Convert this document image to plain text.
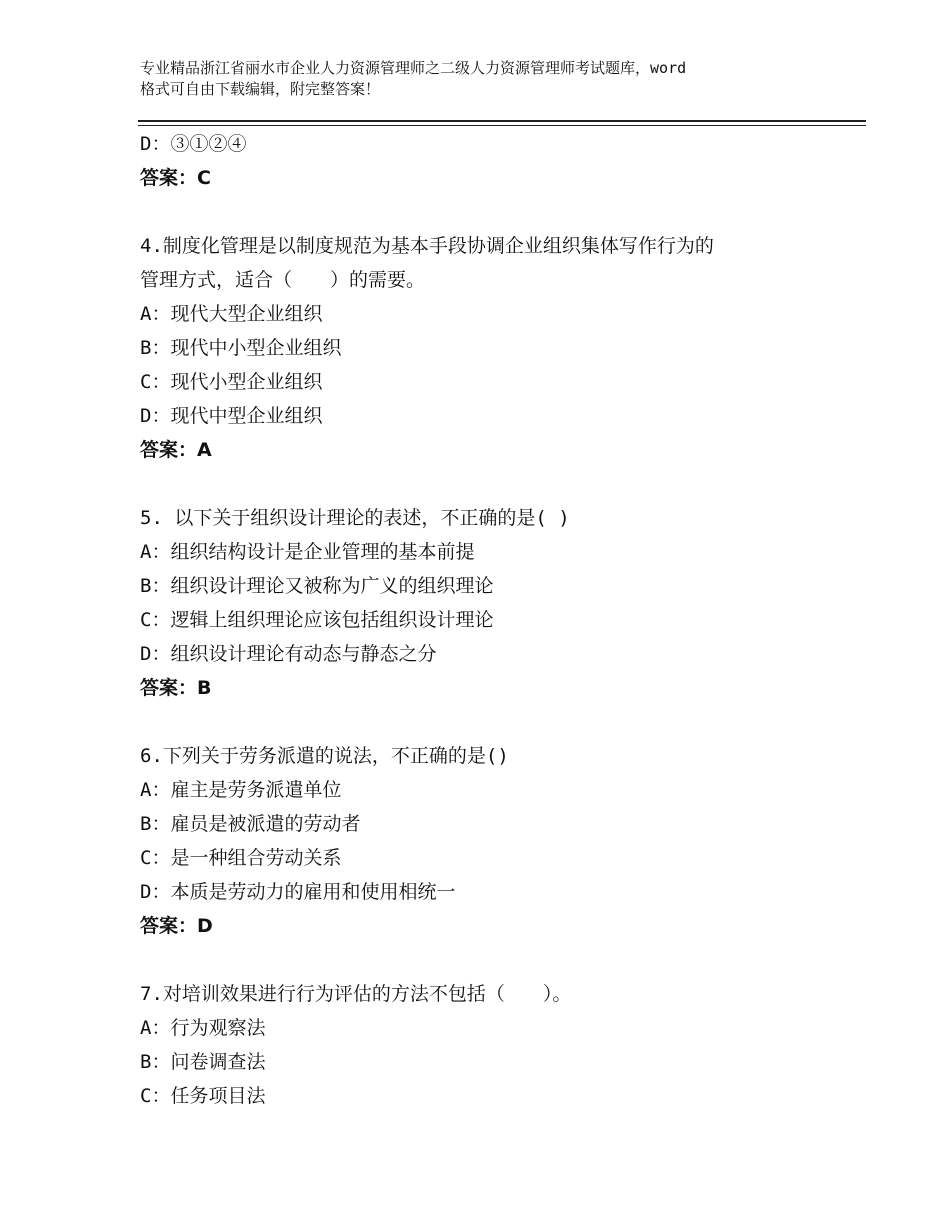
专业精品浙江省丽水市企业人力资源管理师之二级人力资源管理师考试题库，word
格式可自由下载编辑，附完整答案！
D：③①②④
答案：C
4.制度化管理是以制度规范为基本手段协调企业组织集体写作行为的
管理方式，适合（　　）的需要。
A：现代大型企业组织
B：现代中小型企业组织
C：现代小型企业组织
D：现代中型企业组织
答案：A
5. 以下关于组织设计理论的表述，不正确的是( )
A：组织结构设计是企业管理的基本前提
B：组织设计理论又被称为广义的组织理论
C：逻辑上组织理论应该包括组织设计理论
D：组织设计理论有动态与静态之分
答案：B
6.下列关于劳务派遣的说法，不正确的是()
A：雇主是劳务派遣单位
B：雇员是被派遣的劳动者
C：是一种组合劳动关系
D：本质是劳动力的雇用和使用相统一
答案：D
7.对培训效果进行行为评估的方法不包括（　　）。
A：行为观察法
B：问卷调查法
C：任务项目法
